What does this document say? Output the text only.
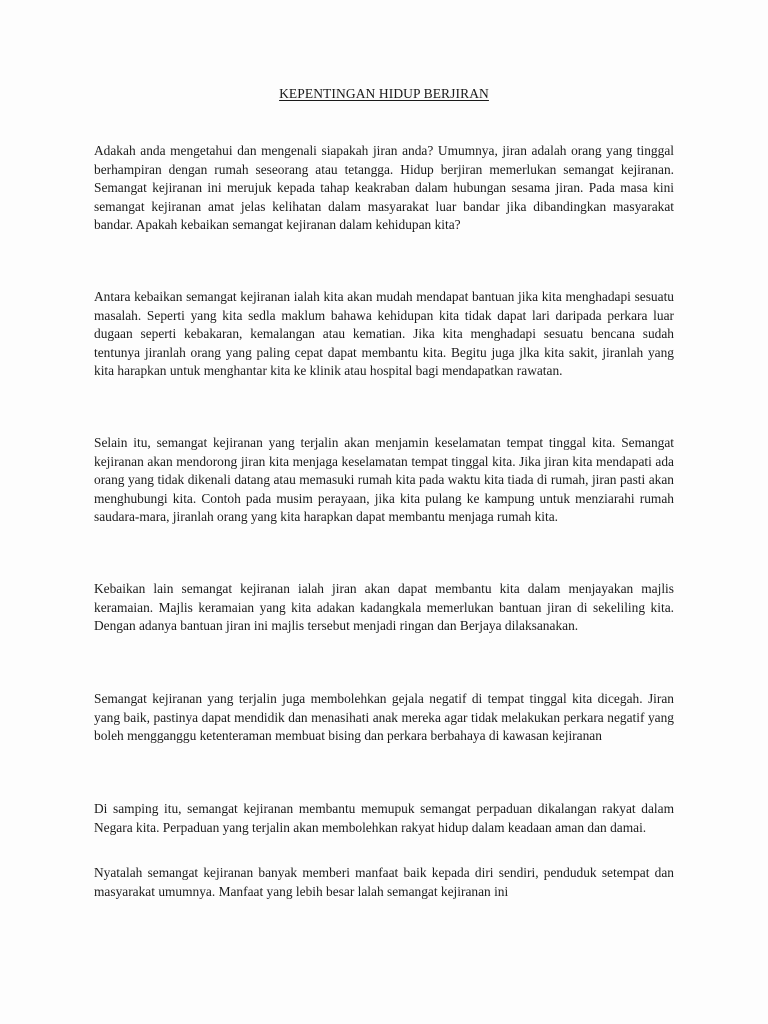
KEPENTINGAN HIDUP BERJIRAN

Adakah anda mengetahui dan mengenali siapakah jiran anda? Umumnya, jiran adalah orang yang tinggal berhampiran dengan rumah seseorang atau tetangga. Hidup berjiran memerlukan semangat kejiranan. Semangat kejiranan ini merujuk kepada tahap keakraban dalam hubungan sesama jiran. Pada masa kini semangat kejiranan amat jelas kelihatan dalam masyarakat luar bandar jika dibandingkan masyarakat bandar. Apakah kebaikan semangat kejiranan dalam kehidupan kita?

Antara kebaikan semangat kejiranan ialah kita akan mudah mendapat bantuan jika kita menghadapi sesuatu masalah. Seperti yang kita sedla maklum bahawa kehidupan kita tidak dapat lari daripada perkara luar dugaan seperti kebakaran, kemalangan atau kematian. Jika kita menghadapi sesuatu bencana sudah tentunya jiranlah orang yang paling cepat dapat membantu kita. Begitu juga jlka kita sakit, jiranlah yang kita harapkan untuk menghantar kita ke klinik atau hospital bagi mendapatkan rawatan.

Selain itu, semangat kejiranan yang terjalin akan menjamin keselamatan tempat tinggal kita. Semangat kejiranan akan mendorong jiran kita menjaga keselamatan tempat tinggal kita. Jika jiran kita mendapati ada orang yang tidak dikenali datang atau memasuki rumah kita pada waktu kita tiada di rumah, jiran pasti akan menghubungi kita. Contoh pada musim perayaan, jika kita pulang ke kampung untuk menziarahi rumah saudara-mara, jiranlah orang yang kita harapkan dapat membantu menjaga rumah kita.

Kebaikan lain semangat kejiranan ialah jiran akan dapat membantu kita dalam menjayakan majlis keramaian. Majlis keramaian yang kita adakan kadangkala memerlukan bantuan jiran di sekeliling kita. Dengan adanya bantuan jiran ini majlis tersebut menjadi ringan dan Berjaya dilaksanakan.

Semangat kejiranan yang terjalin juga membolehkan gejala negatif di tempat tinggal kita dicegah. Jiran yang baik, pastinya dapat mendidik dan menasihati anak mereka agar tidak melakukan perkara negatif yang boleh mengganggu ketenteraman membuat bising dan perkara berbahaya di kawasan kejiranan

Di samping itu, semangat kejiranan membantu memupuk semangat perpaduan dikalangan rakyat dalam Negara kita. Perpaduan yang terjalin akan membolehkan rakyat hidup dalam keadaan aman dan damai.

Nyatalah semangat kejiranan banyak memberi manfaat baik kepada diri sendiri, penduduk setempat dan masyarakat umumnya. Manfaat yang lebih besar lalah semangat kejiranan ini
